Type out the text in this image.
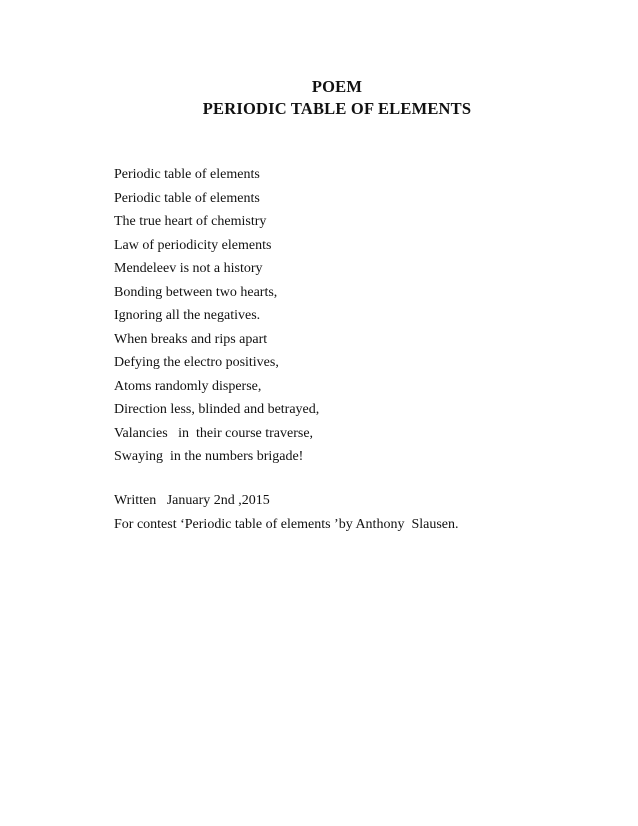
POEM
PERIODIC TABLE OF ELEMENTS
Periodic table of elements
Periodic table of elements
The true heart of chemistry
Law of periodicity elements
Mendeleev is not a history
Bonding between two hearts,
Ignoring all the negatives.
When breaks and rips apart
Defying the electro positives,
Atoms randomly disperse,
Direction less, blinded and betrayed,
Valancies   in  their course traverse,
Swaying  in the numbers brigade!
Written   January 2nd ,2015
For contest ‘Periodic table of elements ’by Anthony  Slausen.
